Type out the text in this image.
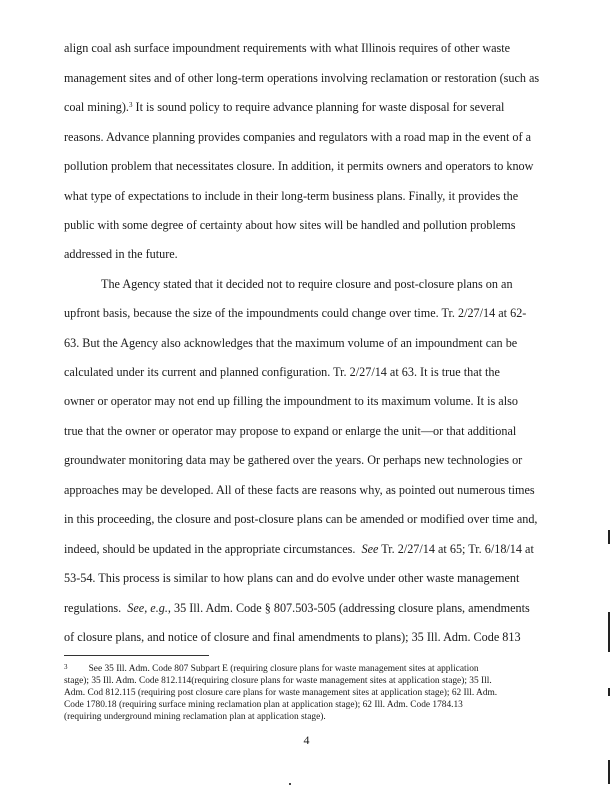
align coal ash surface impoundment requirements with what Illinois requires of other waste
management sites and of other long-term operations involving reclamation or restoration (such as
coal mining).$^3$ It is sound policy to require advance planning for waste disposal for several
reasons. Advance planning provides companies and regulators with a road map in the event of a
pollution problem that necessitates closure. In addition, it permits owners and operators to know
what type of expectations to include in their long-term business plans. Finally, it provides the
public with some degree of certainty about how sites will be handled and pollution problems
addressed in the future.
The Agency stated that it decided not to require closure and post-closure plans on an
upfront basis, because the size of the impoundments could change over time. Tr. 2/27/14 at 62-
63. But the Agency also acknowledges that the maximum volume of an impoundment can be
calculated under its current and planned configuration. Tr. 2/27/14 at 63. It is true that the
owner or operator may not end up filling the impoundment to its maximum volume. It is also
true that the owner or operator may propose to expand or enlarge the unit—or that additional
groundwater monitoring data may be gathered over the years. Or perhaps new technologies or
approaches may be developed. All of these facts are reasons why, as pointed out numerous times
in this proceeding, the closure and post-closure plans can be amended or modified over time and,
indeed, should be updated in the appropriate circumstances. See Tr. 2/27/14 at 65; Tr. 6/18/14 at
53-54. This process is similar to how plans can and do evolve under other waste management
regulations. See, e.g., 35 Ill. Adm. Code § 807.503-505 (addressing closure plans, amendments
of closure plans, and notice of closure and final amendments to plans); 35 Ill. Adm. Code 813
$^3$ See 35 Ill. Adm. Code 807 Subpart E (requiring closure plans for waste management sites at application
stage); 35 Ill. Adm. Code 812.114(requiring closure plans for waste management sites at application stage); 35 Ill.
Adm. Cod 812.115 (requiring post closure care plans for waste management sites at application stage); 62 Ill. Adm.
Code 1780.18 (requiring surface mining reclamation plan at application stage); 62 Ill. Adm. Code 1784.13
(requiring underground mining reclamation plan at application stage).
4
